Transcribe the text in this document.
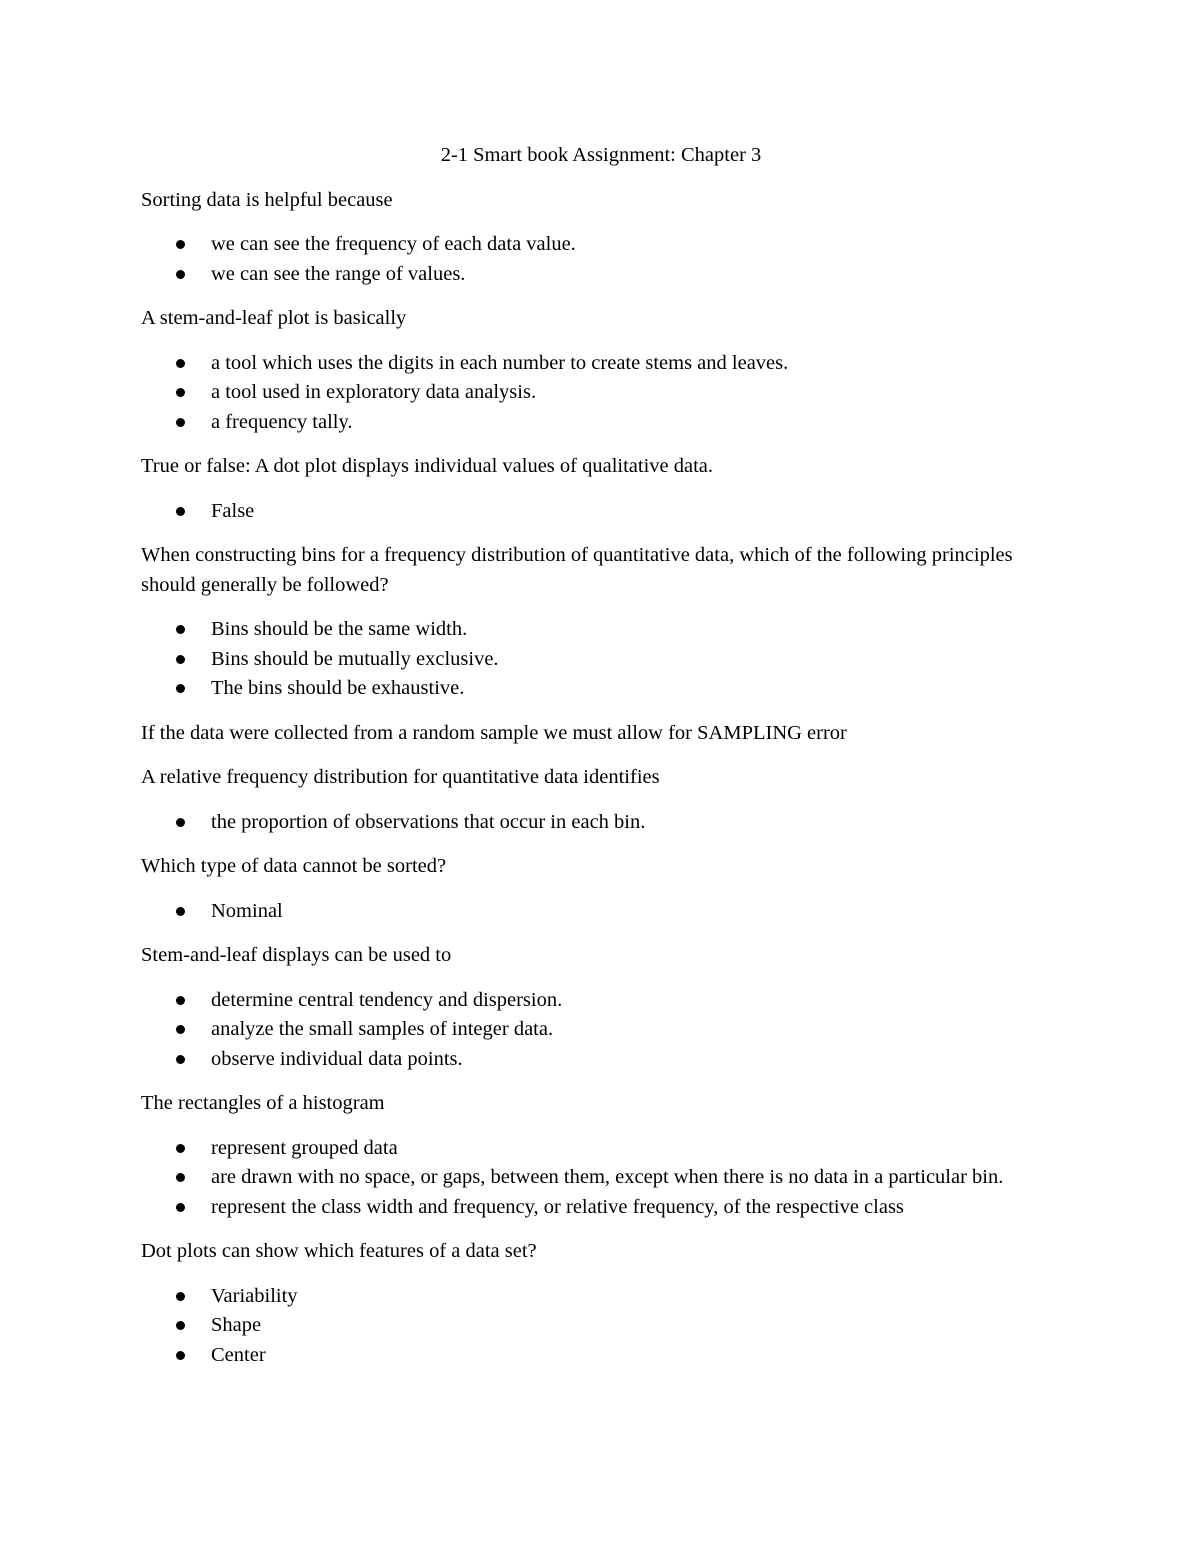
2-1 Smart book Assignment: Chapter 3

Sorting data is helpful because

we can see the frequency of each data value.
we can see the range of values.

A stem-and-leaf plot is basically

a tool which uses the digits in each number to create stems and leaves.
a tool used in exploratory data analysis.
a frequency tally.

True or false: A dot plot displays individual values of qualitative data.

False

When constructing bins for a frequency distribution of quantitative data, which of the following principles should generally be followed?

Bins should be the same width.
Bins should be mutually exclusive.
The bins should be exhaustive.

If the data were collected from a random sample we must allow for SAMPLING error

A relative frequency distribution for quantitative data identifies

the proportion of observations that occur in each bin.

Which type of data cannot be sorted?

Nominal

Stem-and-leaf displays can be used to

determine central tendency and dispersion.
analyze the small samples of integer data.
observe individual data points.

The rectangles of a histogram

represent grouped data
are drawn with no space, or gaps, between them, except when there is no data in a particular bin.
represent the class width and frequency, or relative frequency, of the respective class

Dot plots can show which features of a data set?

Variability
Shape
Center
